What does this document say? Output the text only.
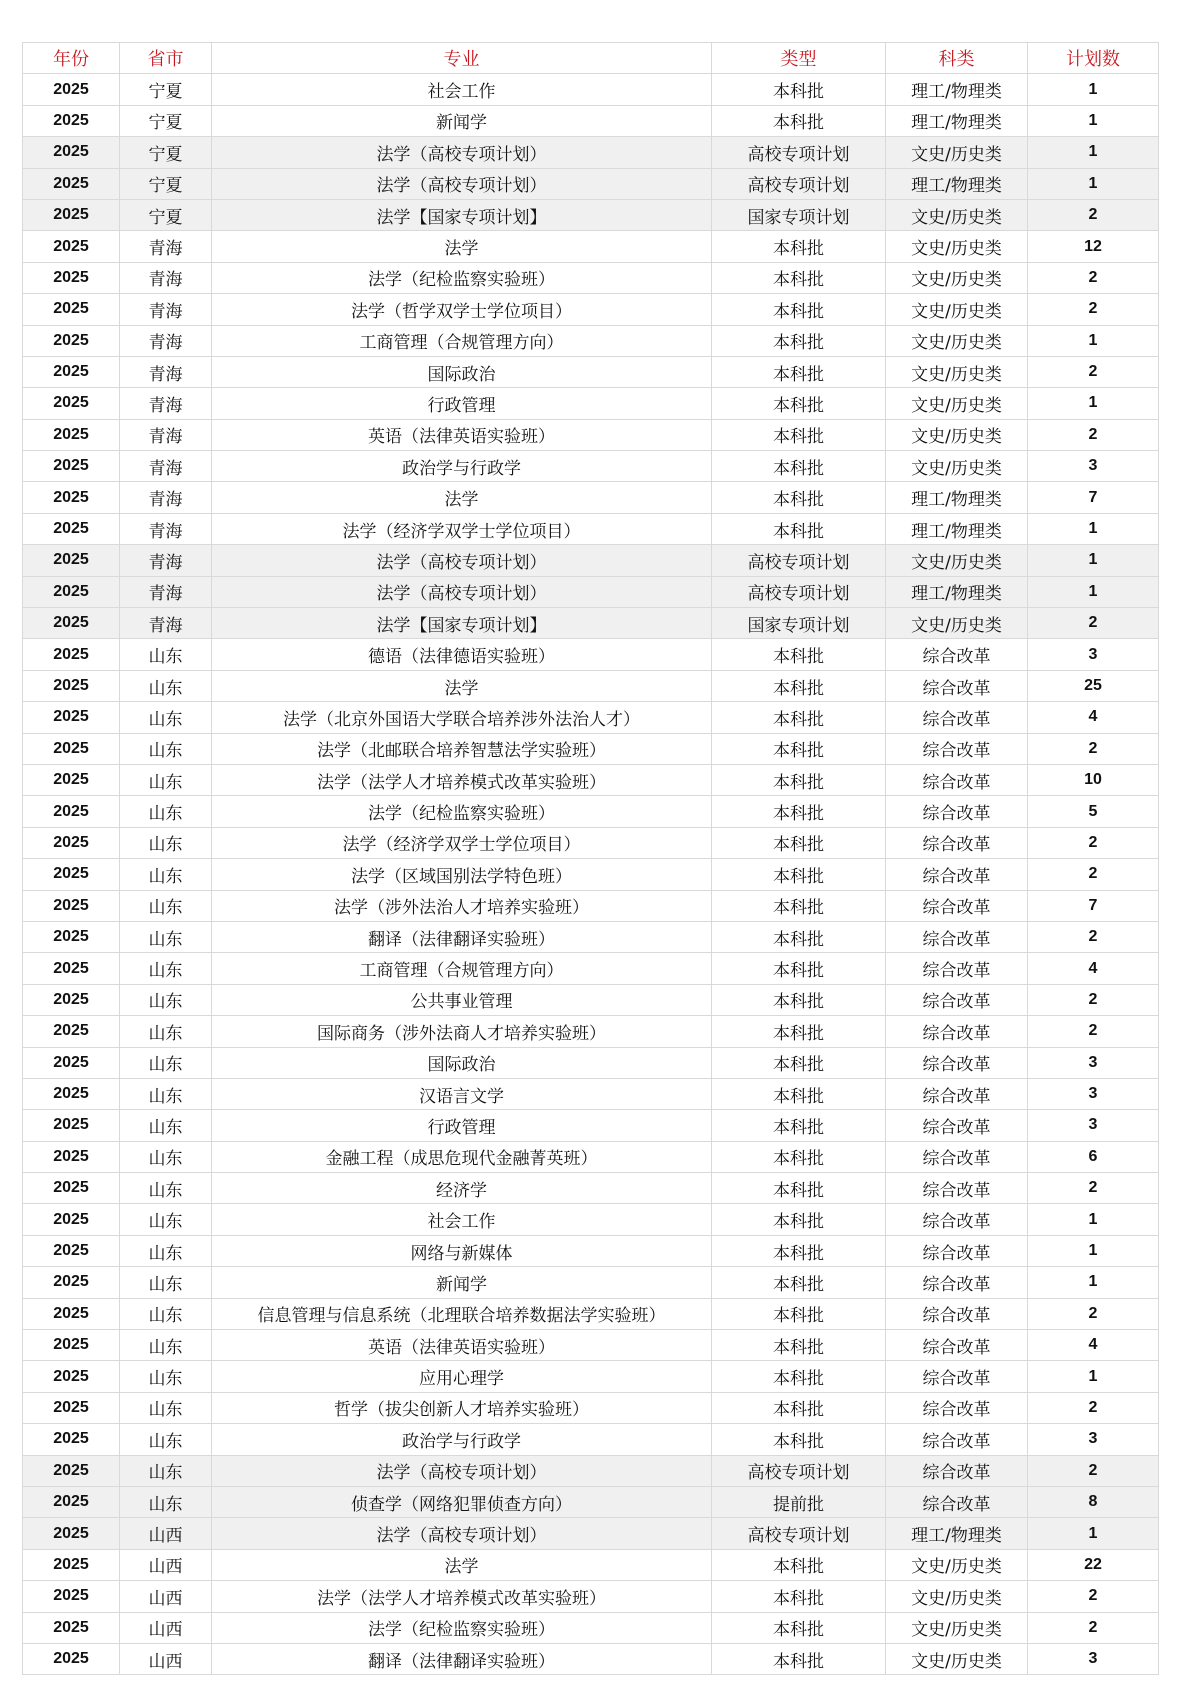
年份	省市	专业	类型	科类	计划数
2025	宁夏	社会工作	本科批	理工/物理类	1
2025	宁夏	新闻学	本科批	理工/物理类	1
2025	宁夏	法学（高校专项计划）	高校专项计划	文史/历史类	1
2025	宁夏	法学（高校专项计划）	高校专项计划	理工/物理类	1
2025	宁夏	法学【国家专项计划】	国家专项计划	文史/历史类	2
2025	青海	法学	本科批	文史/历史类	12
2025	青海	法学（纪检监察实验班）	本科批	文史/历史类	2
2025	青海	法学（哲学双学士学位项目）	本科批	文史/历史类	2
2025	青海	工商管理（合规管理方向）	本科批	文史/历史类	1
2025	青海	国际政治	本科批	文史/历史类	2
2025	青海	行政管理	本科批	文史/历史类	1
2025	青海	英语（法律英语实验班）	本科批	文史/历史类	2
2025	青海	政治学与行政学	本科批	文史/历史类	3
2025	青海	法学	本科批	理工/物理类	7
2025	青海	法学（经济学双学士学位项目）	本科批	理工/物理类	1
2025	青海	法学（高校专项计划）	高校专项计划	文史/历史类	1
2025	青海	法学（高校专项计划）	高校专项计划	理工/物理类	1
2025	青海	法学【国家专项计划】	国家专项计划	文史/历史类	2
2025	山东	德语（法律德语实验班）	本科批	综合改革	3
2025	山东	法学	本科批	综合改革	25
2025	山东	法学（北京外国语大学联合培养涉外法治人才）	本科批	综合改革	4
2025	山东	法学（北邮联合培养智慧法学实验班）	本科批	综合改革	2
2025	山东	法学（法学人才培养模式改革实验班）	本科批	综合改革	10
2025	山东	法学（纪检监察实验班）	本科批	综合改革	5
2025	山东	法学（经济学双学士学位项目）	本科批	综合改革	2
2025	山东	法学（区域国别法学特色班）	本科批	综合改革	2
2025	山东	法学（涉外法治人才培养实验班）	本科批	综合改革	7
2025	山东	翻译（法律翻译实验班）	本科批	综合改革	2
2025	山东	工商管理（合规管理方向）	本科批	综合改革	4
2025	山东	公共事业管理	本科批	综合改革	2
2025	山东	国际商务（涉外法商人才培养实验班）	本科批	综合改革	2
2025	山东	国际政治	本科批	综合改革	3
2025	山东	汉语言文学	本科批	综合改革	3
2025	山东	行政管理	本科批	综合改革	3
2025	山东	金融工程（成思危现代金融菁英班）	本科批	综合改革	6
2025	山东	经济学	本科批	综合改革	2
2025	山东	社会工作	本科批	综合改革	1
2025	山东	网络与新媒体	本科批	综合改革	1
2025	山东	新闻学	本科批	综合改革	1
2025	山东	信息管理与信息系统（北理联合培养数据法学实验班）	本科批	综合改革	2
2025	山东	英语（法律英语实验班）	本科批	综合改革	4
2025	山东	应用心理学	本科批	综合改革	1
2025	山东	哲学（拔尖创新人才培养实验班）	本科批	综合改革	2
2025	山东	政治学与行政学	本科批	综合改革	3
2025	山东	法学（高校专项计划）	高校专项计划	综合改革	2
2025	山东	侦查学（网络犯罪侦查方向）	提前批	综合改革	8
2025	山西	法学（高校专项计划）	高校专项计划	理工/物理类	1
2025	山西	法学	本科批	文史/历史类	22
2025	山西	法学（法学人才培养模式改革实验班）	本科批	文史/历史类	2
2025	山西	法学（纪检监察实验班）	本科批	文史/历史类	2
2025	山西	翻译（法律翻译实验班）	本科批	文史/历史类	3
